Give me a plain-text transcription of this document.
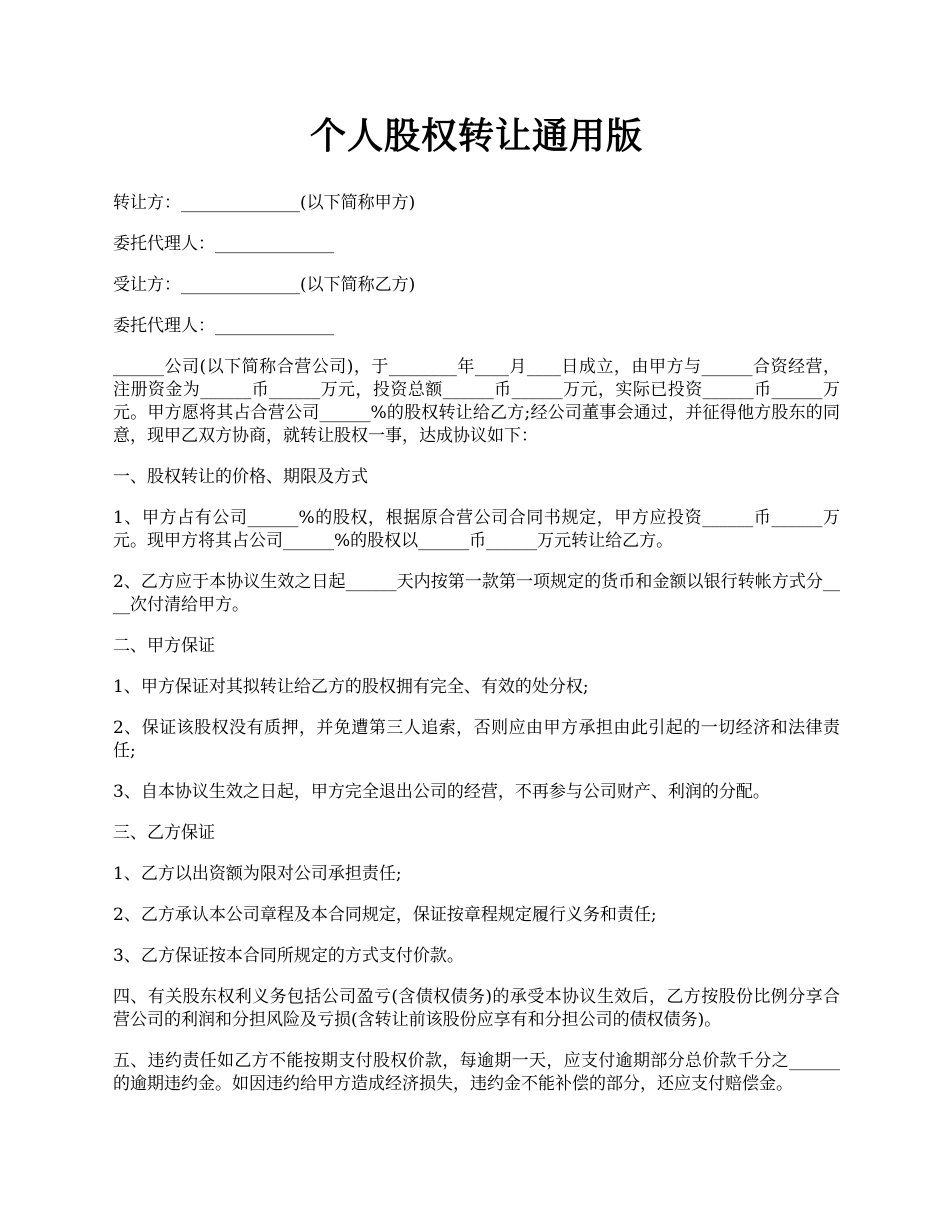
个人股权转让通用版

转让方：______________(以下简称甲方)

委托代理人：______________

受让方：______________(以下简称乙方)

委托代理人：______________

______公司(以下简称合营公司)，于________年____月____日成立，由甲方与______合资经营，注册资金为______币______万元，投资总额______币______万元，实际已投资______币______万元。甲方愿将其占合营公司______%的股权转让给乙方;经公司董事会通过，并征得他方股东的同意，现甲乙双方协商，就转让股权一事，达成协议如下：

一、股权转让的价格、期限及方式

1、甲方占有公司______%的股权，根据原合营公司合同书规定，甲方应投资______币______万元。现甲方将其占公司______%的股权以______币______万元转让给乙方。

2、乙方应于本协议生效之日起______天内按第一款第一项规定的货币和金额以银行转帐方式分____次付清给甲方。

二、甲方保证

1、甲方保证对其拟转让给乙方的股权拥有完全、有效的处分权;

2、保证该股权没有质押，并免遭第三人追索，否则应由甲方承担由此引起的一切经济和法律责任;

3、自本协议生效之日起，甲方完全退出公司的经营，不再参与公司财产、利润的分配。

三、乙方保证

1、乙方以出资额为限对公司承担责任;

2、乙方承认本公司章程及本合同规定，保证按章程规定履行义务和责任;

3、乙方保证按本合同所规定的方式支付价款。

四、有关股东权利义务包括公司盈亏(含债权债务)的承受本协议生效后，乙方按股份比例分享合营公司的利润和分担风险及亏损(含转让前该股份应享有和分担公司的债权债务)。

五、违约责任如乙方不能按期支付股权价款，每逾期一天，应支付逾期部分总价款千分之______的逾期违约金。如因违约给甲方造成经济损失，违约金不能补偿的部分，还应支付赔偿金。
